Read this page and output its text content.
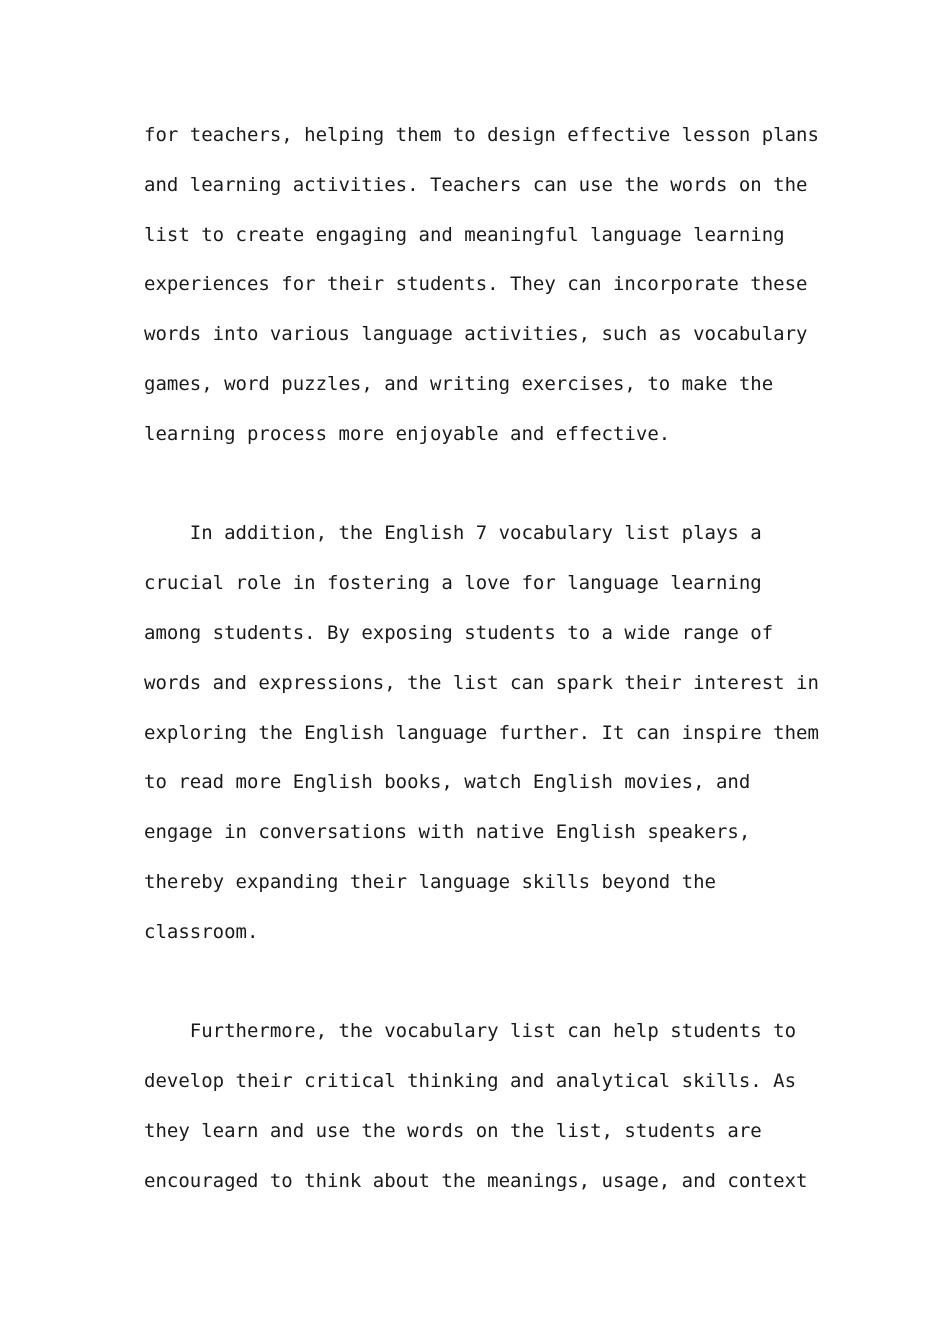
for teachers, helping them to design effective lesson plans
and learning activities. Teachers can use the words on the
list to create engaging and meaningful language learning
experiences for their students. They can incorporate these
words into various language activities, such as vocabulary
games, word puzzles, and writing exercises, to make the
learning process more enjoyable and effective.
In addition, the English 7 vocabulary list plays a
crucial role in fostering a love for language learning
among students. By exposing students to a wide range of
words and expressions, the list can spark their interest in
exploring the English language further. It can inspire them
to read more English books, watch English movies, and
engage in conversations with native English speakers,
thereby expanding their language skills beyond the
classroom.
Furthermore, the vocabulary list can help students to
develop their critical thinking and analytical skills. As
they learn and use the words on the list, students are
encouraged to think about the meanings, usage, and context
